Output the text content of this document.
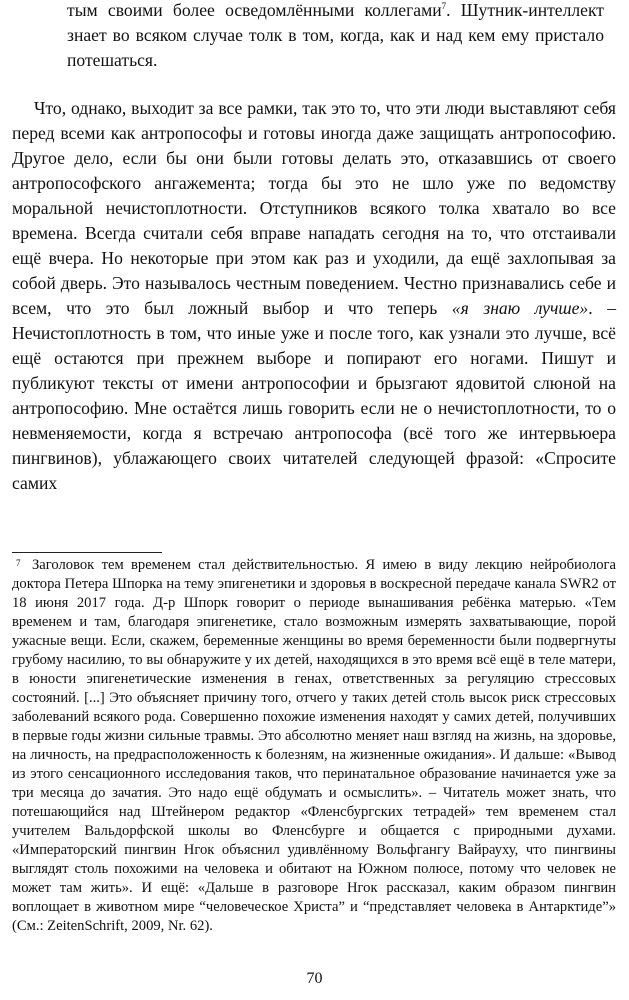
тым своими более осведомлёнными коллегами$^7$. Шутник-интеллект знает во всяком случае толк в том, когда, как и над кем ему пристало потешаться.

Что, однако, выходит за все рамки, так это то, что эти люди выставляют себя перед всеми как антропософы и готовы иногда даже защищать антропософию. Другое дело, если бы они были готовы делать это, отказавшись от своего антропософского ангажемента; тогда бы это не шло уже по ведомству моральной нечистоплотности. Отступников всякого толка хватало во все времена. Всегда считали себя вправе нападать сегодня на то, что отстаивали ещё вчера. Но некоторые при этом как раз и уходили, да ещё захлопывая за собой дверь. Это называлось честным поведением. Честно признавались себе и всем, что это был ложный выбор и что теперь «я знаю лучше». – Нечистоплотность в том, что иные уже и после того, как узнали это лучше, всё ещё остаются при прежнем выборе и попирают его ногами. Пишут и публикуют тексты от имени антропософии и брызгают ядовитой слюной на антропософию. Мне остаётся лишь говорить если не о нечистоплотности, то о невменяемости, когда я встречаю антропософа (всё того же интервьюера пингвинов), ублажающего своих читателей следующей фразой: «Спросите самих

7 Заголовок тем временем стал действительностью. Я имею в виду лекцию нейробиолога доктора Петера Шпорка на тему эпигенетики и здоровья в воскресной передаче канала SWR2 от 18 июня 2017 года. Д-р Шпорк говорит о периоде вынашивания ребёнка матерью. «Тем временем и там, благодаря эпигенетике, стало возможным измерять захватывающие, порой ужасные вещи. Если, скажем, беременные женщины во время беременности были подвергнуты грубому насилию, то вы обнаружите у их детей, находящихся в это время всё ещё в теле матери, в юности эпигенетические изменения в генах, ответственных за регуляцию стрессовых состояний. [...] Это объясняет причину того, отчего у таких детей столь высок риск стрессовых заболеваний всякого рода. Совершенно похожие изменения находят у самих детей, получивших в первые годы жизни сильные травмы. Это абсолютно меняет наш взгляд на жизнь, на здоровье, на личность, на предрасположенность к болезням, на жизненные ожидания». И дальше: «Вывод из этого сенсационного исследования таков, что перинатальное образование начинается уже за три месяца до зачатия. Это надо ещё обдумать и осмыслить». – Читатель может знать, что потешающийся над Штейнером редактор «Фленсбургских тетрадей» тем временем стал учителем Вальдорфской школы во Фленсбурге и общается с природными духами. «Императорский пингвин Нгок объяснил удивлённому Вольфгангу Вайрауху, что пингвины выглядят столь похожими на человека и обитают на Южном полюсе, потому что человек не может там жить». И ещё: «Дальше в разговоре Нгок рассказал, каким образом пингвин воплощает в животном мире “человеческое Христа” и “представляет человека в Антарктиде”» (См.: ZeitenSchrift, 2009, Nr. 62).

70
